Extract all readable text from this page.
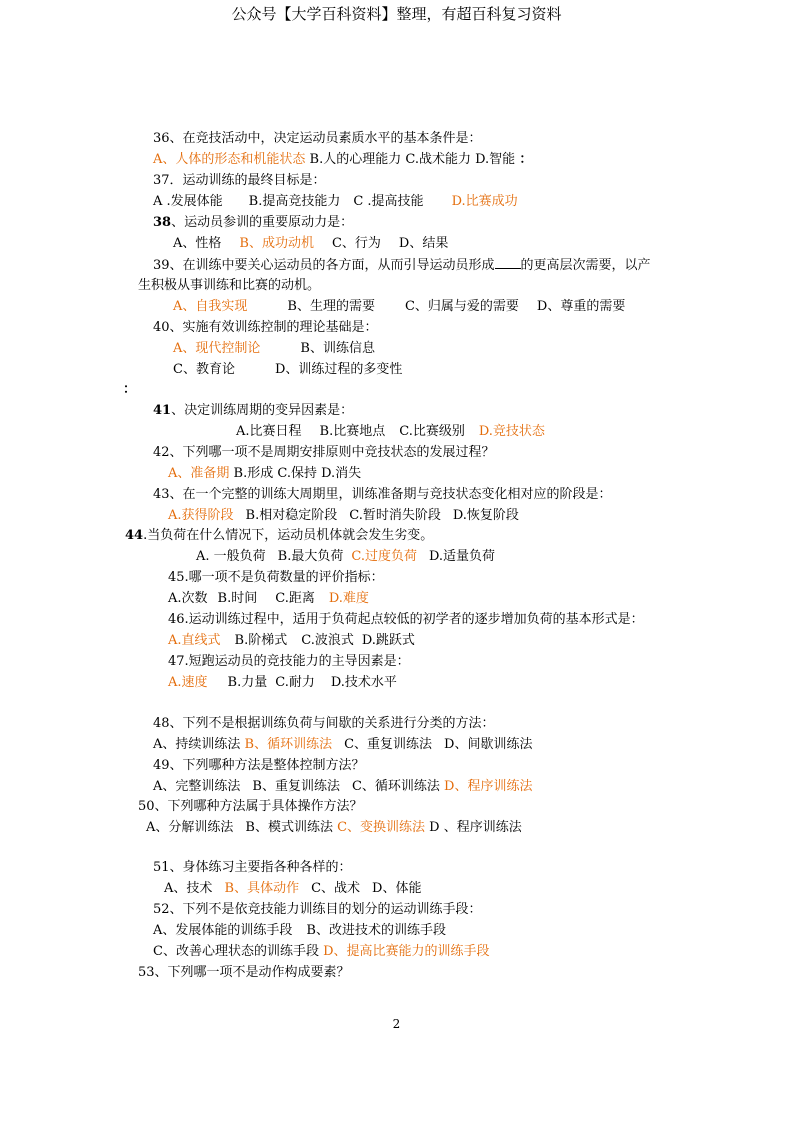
公众号【大学百科资料】整理，有超百科复习资料
36、在竞技活动中，决定运动员素质水平的基本条件是：
A、人体的形态和机能状态 B.人的心理能力 C.战术能力 D.智能 ：
37．运动训练的最终目标是：
A .发展体能 B.提高竞技能力 C .提高技能 D.比赛成功
38、运动员参训的重要原动力是：
A、性格 B、成功动机 C、行为 D、结果
39、在训练中要关心运动员的各方面，从而引导运动员形成 的更高层次需要，以产
生积极从事训练和比赛的动机。
A、自我实现	B、生理的需要 C、归属与爱的需要 D、尊重的需要
40、实施有效训练控制的理论基础是：
A、现代控制论	B、训练信息
C、教育论	D、训练过程的多变性
：
41、决定训练周期的变异因素是：
A.比赛日程 B.比赛地点 C.比赛级别 D.竞技状态
42、下列哪一项不是周期安排原则中竞技状态的发展过程？
A、准备期 B.形成 C.保持 D.消失
43、在一个完整的训练大周期里，训练准备期与竞技状态变化相对应的阶段是：
A.获得阶段 B.相对稳定阶段 C.暂时消失阶段 D.恢复阶段
44.当负荷在什么情况下，运动员机体就会发生劣变。
A. 一般负荷 B.最大负荷 C.过度负荷 D.适量负荷
45.哪一项不是负荷数量的评价指标：
A.次数 B.时间 C.距离 D.难度
46.运动训练过程中，适用于负荷起点较低的初学者的逐步增加负荷的基本形式是：
A.直线式 B.阶梯式 C.波浪式 D.跳跃式
47.短跑运动员的竞技能力的主导因素是：
A.速度 B.力量 C.耐力 D.技术水平
48、下列不是根据训练负荷与间歇的关系进行分类的方法：
A、持续训练法 B、循环训练法 C、重复训练法 D、间歇训练法
49、下列哪种方法是整体控制方法？
A、完整训练法 B、重复训练法 C、循环训练法 D、程序训练法
50、下列哪种方法属于具体操作方法？
A、分解训练法 B、模式训练法 C、变换训练法 D 、程序训练法
51、身体练习主要指各种各样的：
A、技术 B、具体动作 C、战术 D、体能
52、下列不是依竞技能力训练目的划分的运动训练手段：
A、发展体能的训练手段 B、改进技术的训练手段
C、改善心理状态的训练手段 D、提高比赛能力的训练手段
53、下列哪一项不是动作构成要素？
2
